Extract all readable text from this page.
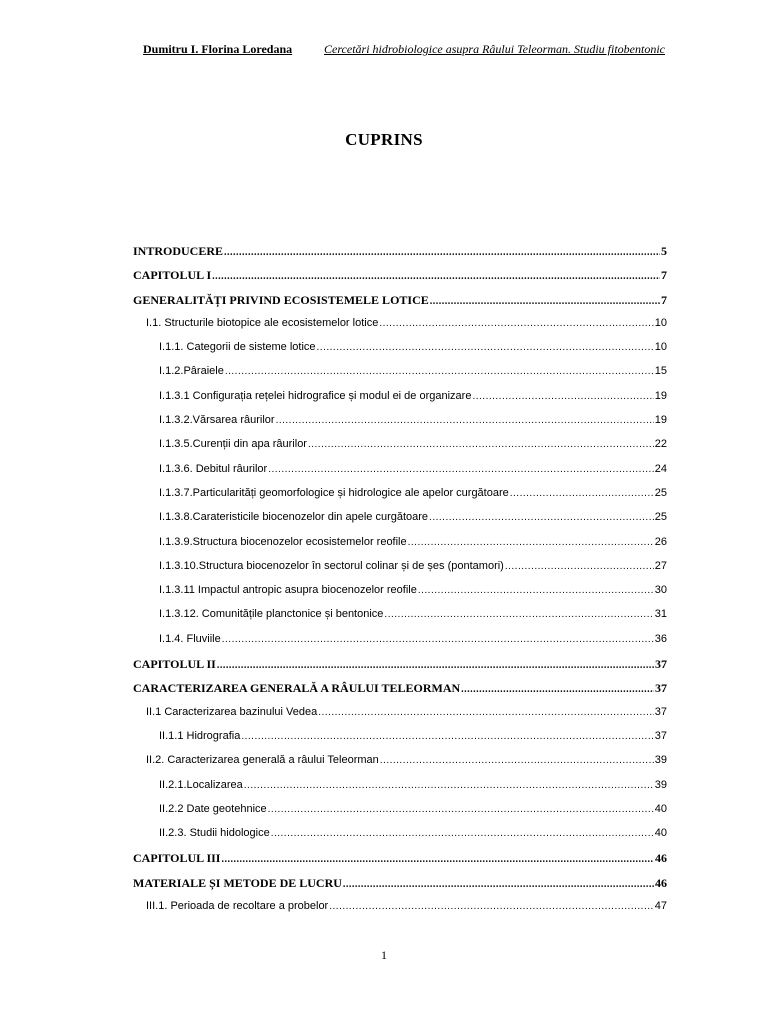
Dumitru I. Florina Loredana	Cercetări hidrobiologice asupra Râului Teleorman. Studiu fitobentonic
CUPRINS
INTRODUCERE .....	5
CAPITOLUL I .....	7
GENERALITĂȚI PRIVIND ECOSISTEMELE LOTICE .....	7
I.1. Structurile biotopice ale ecosistemelor lotice .....	10
I.1.1. Categorii de sisteme lotice .....	10
I.1.2.Pâraiele .....	15
I.1.3.1 Configurația rețelei hidrografice și modul ei de organizare .....	19
I.1.3.2.Vărsarea râurilor .....	19
I.1.3.5.Curenții din apa râurilor .....	22
I.1.3.6. Debitul râurilor .....	24
I.1.3.7.Particularități geomorfologice și hidrologice ale apelor curgătoare .....	25
I.1.3.8.Carateristicile biocenozelor din apele curgătoare .....	25
I.1.3.9.Structura biocenozelor ecosistemelor reofile .....	26
I.1.3.10.Structura biocenozelor în sectorul colinar și de șes (pontamori) .....	27
I.1.3.11 Impactul antropic asupra biocenozelor reofile .....	30
I.1.3.12. Comunitățile planctonice și bentonice .....	31
I.1.4. Fluviile .....	36
CAPITOLUL II .....	37
CARACTERIZAREA GENERALĂ A RÂULUI TELEORMAN .....	37
II.1 Caracterizarea bazinului Vedea .....	37
II.1.1 Hidrografia .....	37
II.2. Caracterizarea generală a râului Teleorman .....	39
II.2.1.Localizarea .....	39
II.2.2 Date geotehnice .....	40
II.2.3. Studii hidologice .....	40
CAPITOLUL III .....	46
MATERIALE ȘI METODE DE LUCRU .....	46
III.1. Perioada de recoltare a probelor .....	47
1
